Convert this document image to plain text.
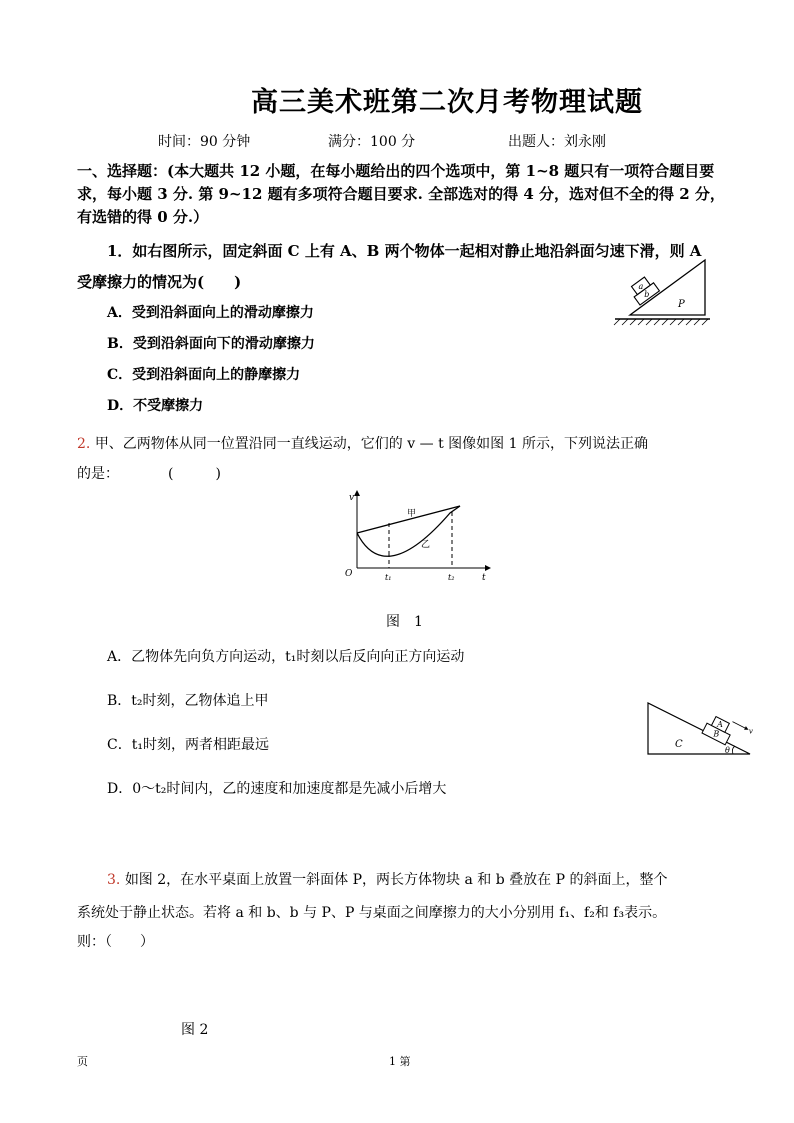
高三美术班第二次月考物理试题
时间：90 分钟	满分：100 分	出题人：刘永刚
一、选择题：(本大题共 12 小题，在每小题给出的四个选项中，第 1~8 题只有一项符合题目要求，每小题 3 分. 第 9~12 题有多项符合题目要求. 全部选对的得 4 分，选对但不全的得 2 分，有选错的得 0 分.）
1．如右图所示，固定斜面 C 上有 A、B 两个物体一起相对静止地沿斜面匀速下滑，则 A
受摩擦力的情况为(　　)
A．受到沿斜面向上的滑动摩擦力
B．受到沿斜面向下的滑动摩擦力
C．受到沿斜面向上的静摩擦力
D．不受摩擦力
b
a
P
2. 甲、乙两物体从同一位置沿同一直线运动，它们的 v — t 图像如图 1 所示，下列说法正确
的是：　　　　(　　　)
v
t
O
甲
乙
t₁	t₂
图　1
A．乙物体先向负方向运动，t₁时刻以后反向向正方向运动
B．t₂时刻，乙物体追上甲
C．t₁时刻，两者相距最远
D．0～t₂时间内，乙的速度和加速度都是先减小后增大
B
A
v
C
θ
3. 如图 2，在水平桌面上放置一斜面体 P，两长方体物块 a 和 b 叠放在 P 的斜面上，整个
系统处于静止状态。若将 a 和 b、b 与 P、P 与桌面之间摩擦力的大小分别用 f₁、f₂和 f₃表示。
则：（　　）
图 2
页	1 第
